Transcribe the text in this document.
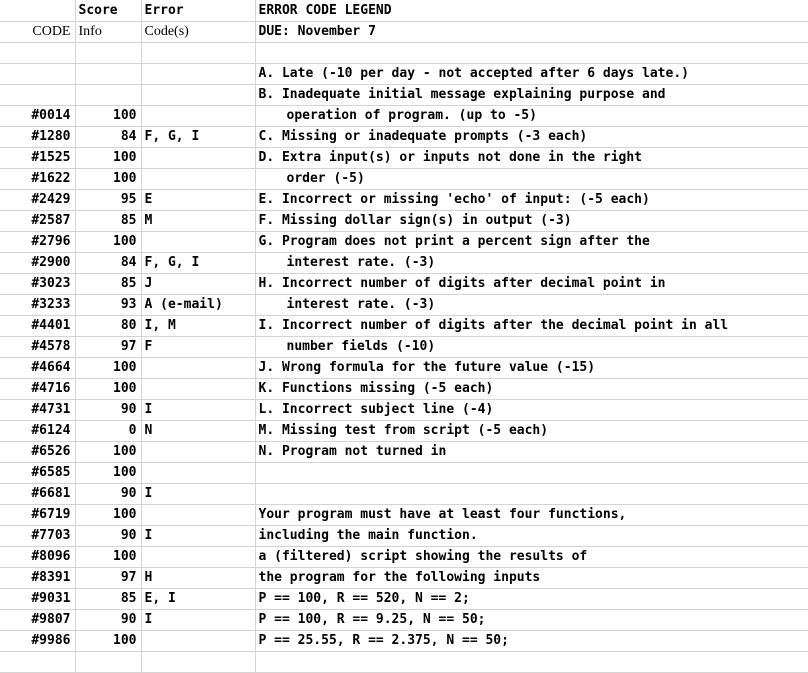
	Score	Error	ERROR CODE LEGEND
CODE	Info	Code(s)	DUE: November 7

			A. Late (-10 per day - not accepted after 6 days late.)
			B. Inadequate initial message explaining purpose and
#0014	100		operation of program. (up to -5)
#1280	84	F, G, I	C. Missing or inadequate prompts (-3 each)
#1525	100		D. Extra input(s) or inputs not done in the right
#1622	100		order (-5)
#2429	95	E	E. Incorrect or missing 'echo' of input: (-5 each)
#2587	85	M	F. Missing dollar sign(s) in output (-3)
#2796	100		G. Program does not print a percent sign after the
#2900	84	F, G, I	interest rate. (-3)
#3023	85	J	H. Incorrect number of digits after decimal point in
#3233	93	A (e-mail)	interest rate. (-3)
#4401	80	I, M	I. Incorrect number of digits after the decimal point in all
#4578	97	F	number fields (-10)
#4664	100		J. Wrong formula for the future value (-15)
#4716	100		K. Functions missing (-5 each)
#4731	90	I	L. Incorrect subject line (-4)
#6124	0	N	M. Missing test from script (-5 each)
#6526	100		N. Program not turned in
#6585	100		
#6681	90	I	
#6719	100		Your program must have at least four functions,
#7703	90	I	including the main function.
#8096	100		a (filtered) script showing the results of
#8391	97	H	the program for the following inputs
#9031	85	E, I	P == 100, R == 520, N == 2;
#9807	90	I	P == 100, R == 9.25, N == 50;
#9986	100		P == 25.55, R == 2.375, N == 50;
